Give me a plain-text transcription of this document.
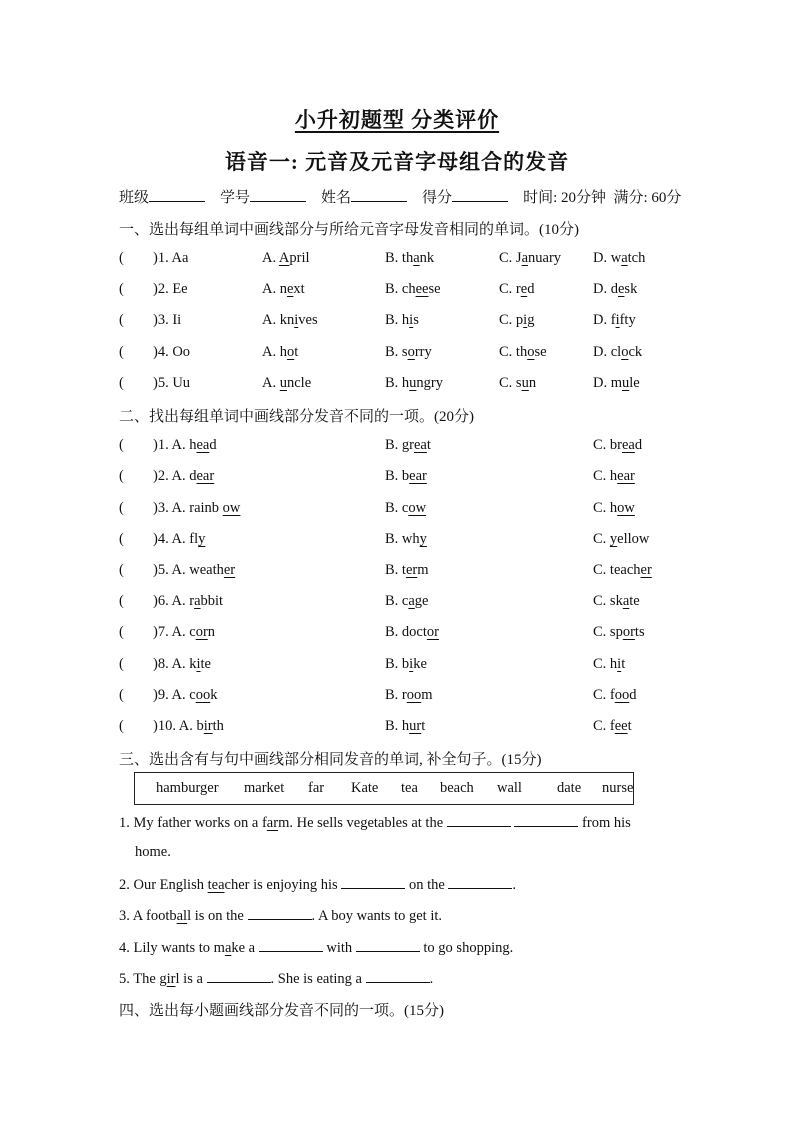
小升初题型 分类评价
语音一: 元音及元音字母组合的发音
班级	学号	姓名	得分	时间: 20分钟 满分: 60分
一、选出每组单词中画线部分与所给元音字母发音相同的单词。(10分)
( )1. Aa	A. April	B. thank	C. January D. watch
( )2. Ee	A. next	B. cheese	C. red	D. desk
( )3. Ii	A. knives	B. his	C. pig	D. fifty
( )4. Oo	A. hot	B. sorry	C. those	D. clock
( )5. Uu	A. uncle	B. hungry	C. sun	D. mule
二、找出每组单词中画线部分发音不同的一项。(20分)
( )1. A. head	B. great	C. bread
( )2. A. dear	B. bear	C. hear
( )3. A. rainb ow	B. cow	C. how
( )4. A. fly	B. why	C. yellow
( )5. A. weather	B. term	C. teacher
( )6. A. rabbit	B. cage	C. skate
( )7. A. corn	B. doctor	C. sports
( )8. A. kite	B. bike	C. hit
( )9. A. cook	B. room	C. food
( )10. A. birth	B. hurt	C. feet
三、选出含有与句中画线部分相同发音的单词, 补全句子。(15分)
hamburger market far Kate tea beach wall date nurse
1. My father works on a farm. He sells vegetables at the	from his
home.
2. Our English teacher is enjoying his	on the	.
3. A football is on the	. A boy wants to get it.
4. Lily wants to make a	with	to go shopping.
5. The girl is a	. She is eating a	.
四、选出每小题画线部分发音不同的一项。(15分)
